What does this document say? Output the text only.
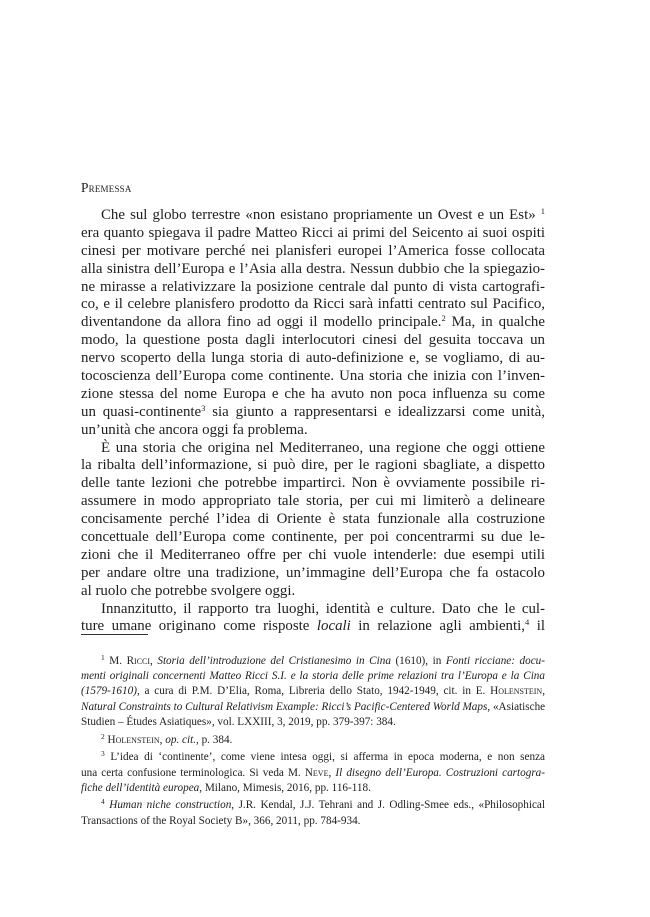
Premessa
Che sul globo terrestre «non esistano propriamente un Ovest e un Est» $^1$
era quanto spiegava il padre Matteo Ricci ai primi del Seicento ai suoi ospiti
cinesi per motivare perché nei planisferi europei l’America fosse collocata
alla sinistra dell’Europa e l’Asia alla destra. Nessun dubbio che la spiegazio-
ne mirasse a relativizzare la posizione centrale dal punto di vista cartografi-
co, e il celebre planisfero prodotto da Ricci sarà infatti centrato sul Pacifico,
diventandone da allora fino ad oggi il modello principale.$^2$ Ma, in qualche
modo, la questione posta dagli interlocutori cinesi del gesuita toccava un
nervo scoperto della lunga storia di auto-definizione e, se vogliamo, di au-
tocoscienza dell’Europa come continente. Una storia che inizia con l’inven-
zione stessa del nome Europa e che ha avuto non poca influenza su come
un quasi-continente$^3$ sia giunto a rappresentarsi e idealizzarsi come unità,
un’unità che ancora oggi fa problema.
È una storia che origina nel Mediterraneo, una regione che oggi ottiene
la ribalta dell’informazione, si può dire, per le ragioni sbagliate, a dispetto
delle tante lezioni che potrebbe impartirci. Non è ovviamente possibile ri-
assumere in modo appropriato tale storia, per cui mi limiterò a delineare
concisamente perché l’idea di Oriente è stata funzionale alla costruzione
concettuale dell’Europa come continente, per poi concentrarmi su due le-
zioni che il Mediterraneo offre per chi vuole intenderle: due esempi utili
per andare oltre una tradizione, un’immagine dell’Europa che fa ostacolo
al ruolo che potrebbe svolgere oggi.
Innanzitutto, il rapporto tra luoghi, identità e culture. Dato che le cul-
ture umane originano come risposte locali in relazione agli ambienti,$^4$ il
$^1$ M. Ricci, Storia dell’introduzione del Cristianesimo in Cina (1610), in Fonti ricciane: docu-
menti originali concernenti Matteo Ricci S.I. e la storia delle prime relazioni tra l’Europa e la Cina
(1579-1610), a cura di P.M. D’Elia, Roma, Libreria dello Stato, 1942-1949, cit. in E. Holenstein,
Natural Constraints to Cultural Relativism Example: Ricci’s Pacific-Centered World Maps, «Asiatische
Studien – Études Asiatiques», vol. LXXIII, 3, 2019, pp. 379-397: 384.
$^2$ Holenstein, op. cit., p. 384.
$^3$ L’idea di ‘continente’, come viene intesa oggi, si afferma in epoca moderna, e non senza
una certa confusione terminologica. Si veda M. Neve, Il disegno dell’Europa. Costruzioni cartogra-
fiche dell’identità europea, Milano, Mimesis, 2016, pp. 116-118.
$^4$ Human niche construction, J.R. Kendal, J.J. Tehrani and J. Odling-Smee eds., «Philosophical
Transactions of the Royal Society B», 366, 2011, pp. 784-934.
